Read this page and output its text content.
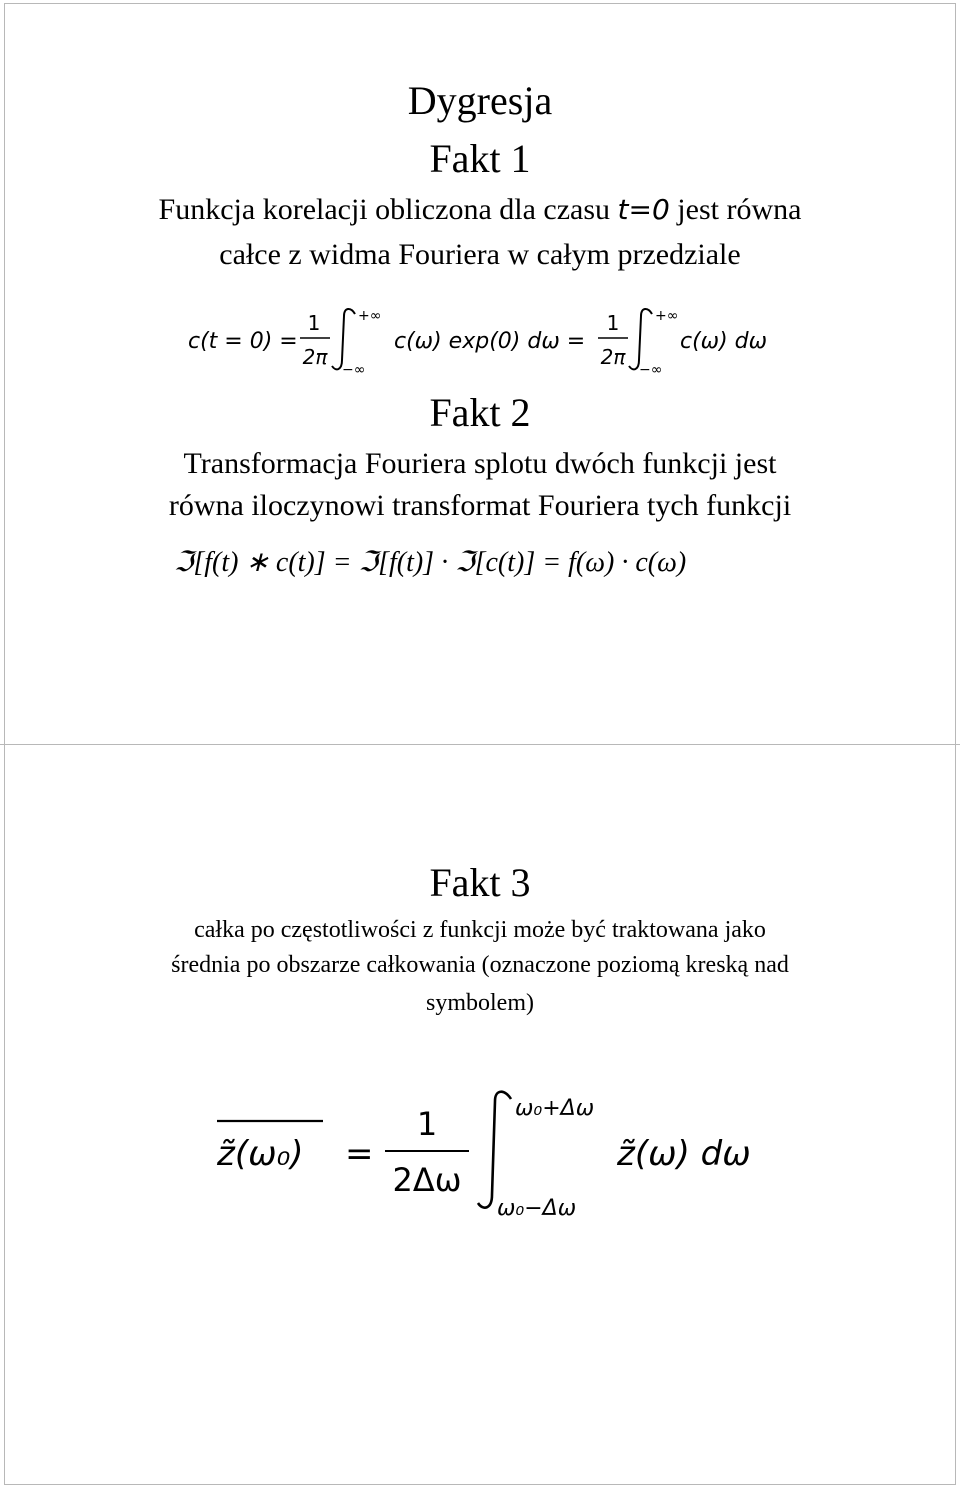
Dygresja
Fakt 1
Funkcja korelacji obliczona dla czasu t=0 jest równa
całce z widma Fouriera w całym przedziale
c(t = 0) =
1
2π
+∞
−∞
c(ω) exp(0) dω =
1
2π
+∞
−∞
c(ω) dω
Fakt 2
Transformacja Fouriera splotu dwóch funkcji jest
równa iloczynowi transformat Fouriera tych funkcji
ℑ[f(t) ∗ c(t)] = ℑ[f(t)] · ℑ[c(t)] = f(ω) · c(ω)
Fakt 3
całka po częstotliwości z funkcji może być traktowana jako
średnia po obszarze całkowania (oznaczone poziomą kreską nad
symbolem)
z̃(ω₀) =
1
2Δω
ω₀+Δω
ω₀−Δω
z̃(ω) dω
